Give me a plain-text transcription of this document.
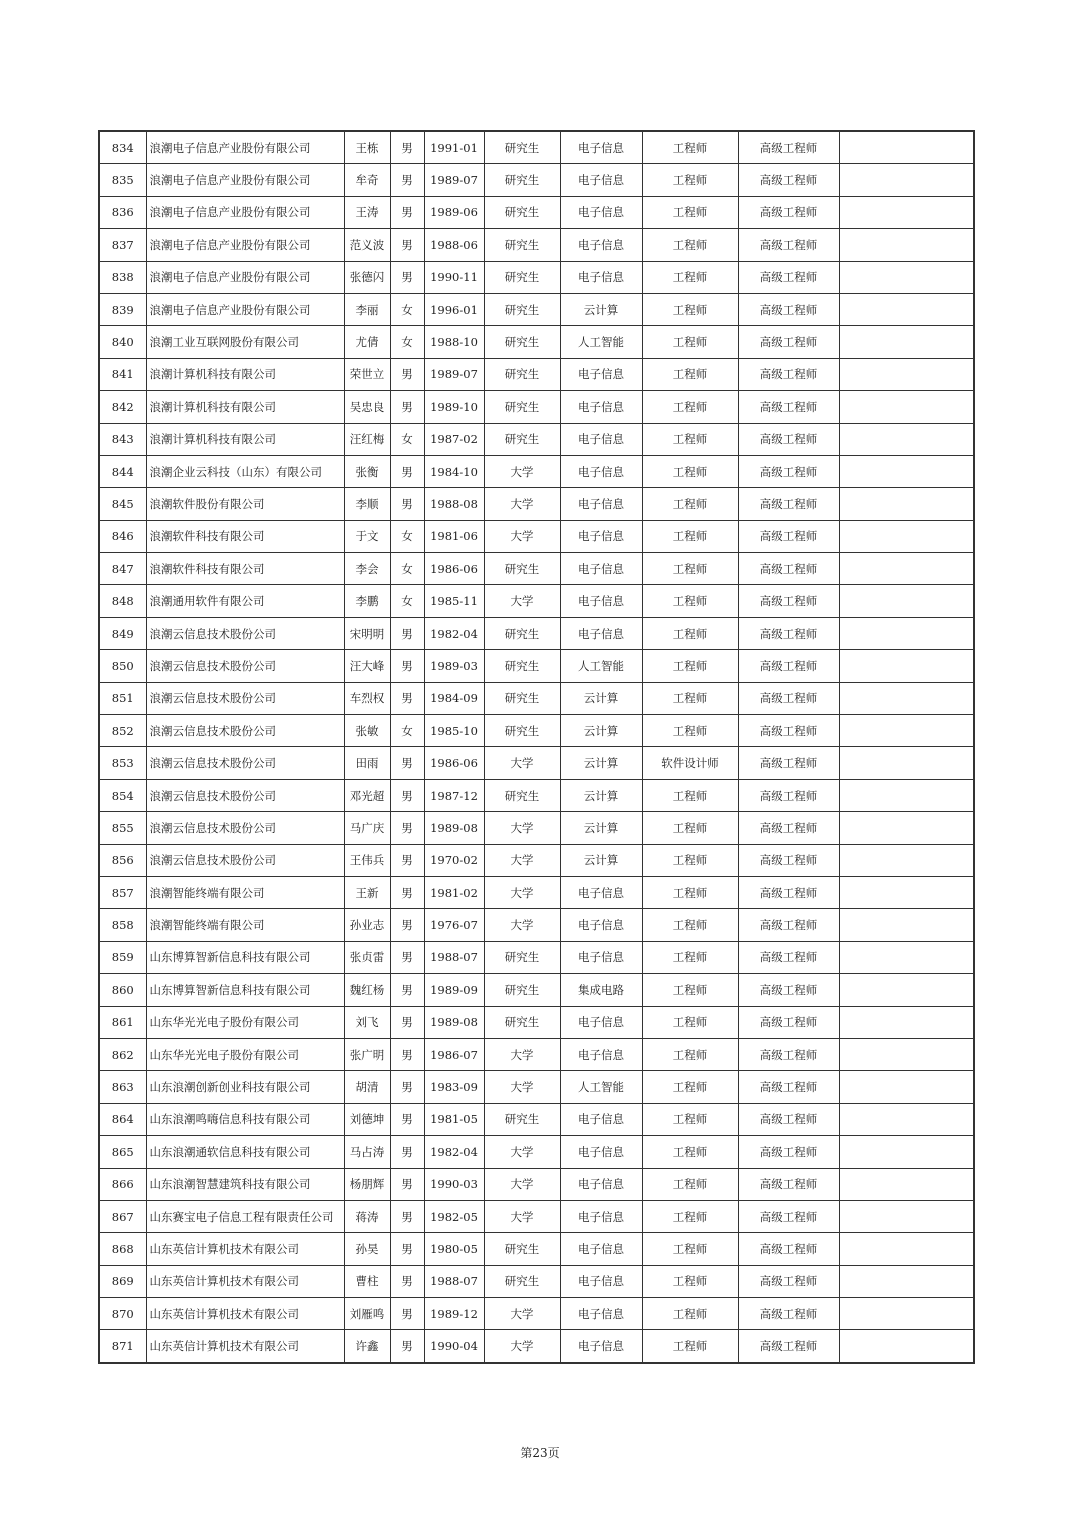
834	浪潮电子信息产业股份有限公司	王栋	男	1991-01	研究生	电子信息	工程师	高级工程师	
835	浪潮电子信息产业股份有限公司	牟奇	男	1989-07	研究生	电子信息	工程师	高级工程师	
836	浪潮电子信息产业股份有限公司	王涛	男	1989-06	研究生	电子信息	工程师	高级工程师	
837	浪潮电子信息产业股份有限公司	范义波	男	1988-06	研究生	电子信息	工程师	高级工程师	
838	浪潮电子信息产业股份有限公司	张德闪	男	1990-11	研究生	电子信息	工程师	高级工程师	
839	浪潮电子信息产业股份有限公司	李丽	女	1996-01	研究生	云计算	工程师	高级工程师	
840	浪潮工业互联网股份有限公司	尤倩	女	1988-10	研究生	人工智能	工程师	高级工程师	
841	浪潮计算机科技有限公司	荣世立	男	1989-07	研究生	电子信息	工程师	高级工程师	
842	浪潮计算机科技有限公司	吴忠良	男	1989-10	研究生	电子信息	工程师	高级工程师	
843	浪潮计算机科技有限公司	汪红梅	女	1987-02	研究生	电子信息	工程师	高级工程师	
844	浪潮企业云科技（山东）有限公司	张衡	男	1984-10	大学	电子信息	工程师	高级工程师	
845	浪潮软件股份有限公司	李顺	男	1988-08	大学	电子信息	工程师	高级工程师	
846	浪潮软件科技有限公司	于文	女	1981-06	大学	电子信息	工程师	高级工程师	
847	浪潮软件科技有限公司	李会	女	1986-06	研究生	电子信息	工程师	高级工程师	
848	浪潮通用软件有限公司	李鹏	女	1985-11	大学	电子信息	工程师	高级工程师	
849	浪潮云信息技术股份公司	宋明明	男	1982-04	研究生	电子信息	工程师	高级工程师	
850	浪潮云信息技术股份公司	汪大峰	男	1989-03	研究生	人工智能	工程师	高级工程师	
851	浪潮云信息技术股份公司	车烈权	男	1984-09	研究生	云计算	工程师	高级工程师	
852	浪潮云信息技术股份公司	张敏	女	1985-10	研究生	云计算	工程师	高级工程师	
853	浪潮云信息技术股份公司	田雨	男	1986-06	大学	云计算	软件设计师	高级工程师	
854	浪潮云信息技术股份公司	邓光超	男	1987-12	研究生	云计算	工程师	高级工程师	
855	浪潮云信息技术股份公司	马广庆	男	1989-08	大学	云计算	工程师	高级工程师	
856	浪潮云信息技术股份公司	王伟兵	男	1970-02	大学	云计算	工程师	高级工程师	
857	浪潮智能终端有限公司	王新	男	1981-02	大学	电子信息	工程师	高级工程师	
858	浪潮智能终端有限公司	孙业志	男	1976-07	大学	电子信息	工程师	高级工程师	
859	山东博算智新信息科技有限公司	张贞雷	男	1988-07	研究生	电子信息	工程师	高级工程师	
860	山东博算智新信息科技有限公司	魏红杨	男	1989-09	研究生	集成电路	工程师	高级工程师	
861	山东华光光电子股份有限公司	刘飞	男	1989-08	研究生	电子信息	工程师	高级工程师	
862	山东华光光电子股份有限公司	张广明	男	1986-07	大学	电子信息	工程师	高级工程师	
863	山东浪潮创新创业科技有限公司	胡清	男	1983-09	大学	人工智能	工程师	高级工程师	
864	山东浪潮鸣嗨信息科技有限公司	刘德坤	男	1981-05	研究生	电子信息	工程师	高级工程师	
865	山东浪潮通软信息科技有限公司	马占涛	男	1982-04	大学	电子信息	工程师	高级工程师	
866	山东浪潮智慧建筑科技有限公司	杨朋辉	男	1990-03	大学	电子信息	工程师	高级工程师	
867	山东赛宝电子信息工程有限责任公司	蒋涛	男	1982-05	大学	电子信息	工程师	高级工程师	
868	山东英信计算机技术有限公司	孙昊	男	1980-05	研究生	电子信息	工程师	高级工程师	
869	山东英信计算机技术有限公司	曹柱	男	1988-07	研究生	电子信息	工程师	高级工程师	
870	山东英信计算机技术有限公司	刘雁鸣	男	1989-12	大学	电子信息	工程师	高级工程师	
871	山东英信计算机技术有限公司	许鑫	男	1990-04	大学	电子信息	工程师	高级工程师	
第23页
